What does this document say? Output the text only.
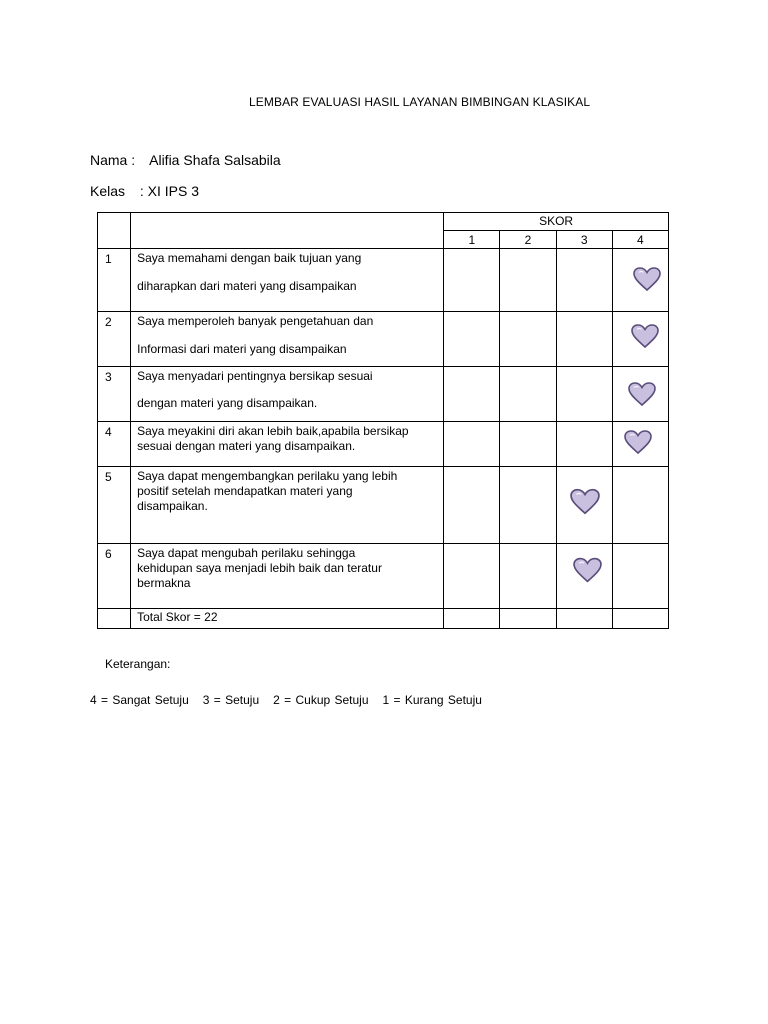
LEMBAR EVALUASI HASIL LAYANAN BIMBINGAN KLASIKAL
Nama : Alifia Shafa Salsabila
Kelas : XI IPS 3
		SKOR			
		1	2	3	4
1	Saya memahami dengan baik tujuan yang
diharapkan dari materi yang disampaikan

2	Saya memperoleh banyak pengetahuan dan
Informasi dari materi yang disampaikan

3	Saya menyadari pentingnya bersikap sesuai
dengan materi yang disampaikan.

4	Saya meyakini diri akan lebih baik,apabila bersikap
sesuai dengan materi yang disampaikan.

5	Saya dapat mengembangkan perilaku yang lebih
positif setelah mendapatkan materi yang
disampaikan.

6	Saya dapat mengubah perilaku sehingga
kehidupan saya menjadi lebih baik dan teratur
bermakna

	Total Skor = 22				
Keterangan:
4 = Sangat Setuju 3 = Setuju 2 = Cukup Setuju 1 = Kurang Setuju
